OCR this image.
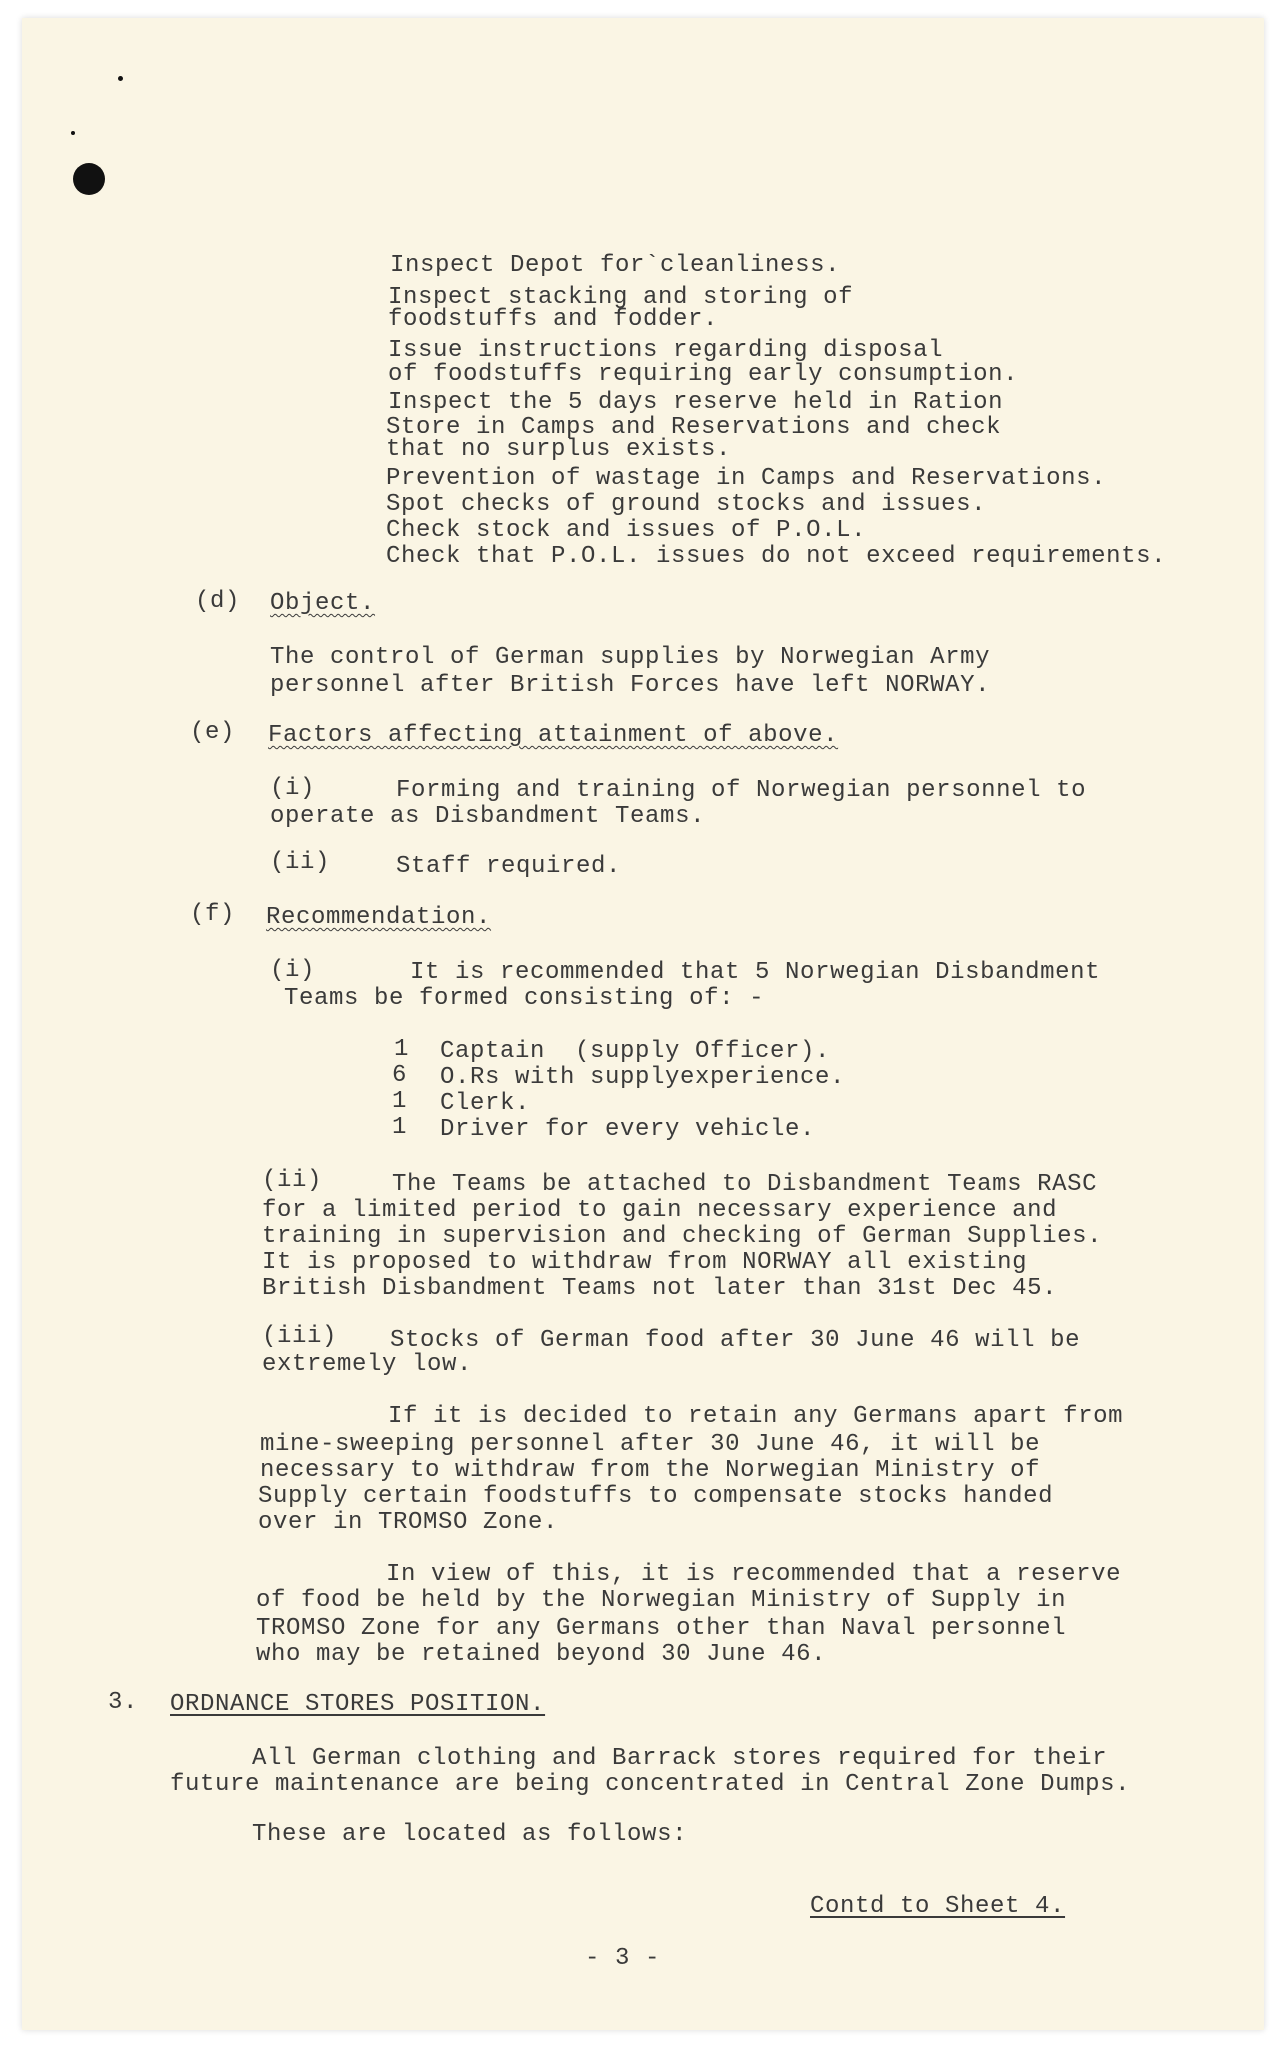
Inspect Depot for`cleanliness.
Inspect stacking and storing of
foodstuffs and fodder.
Issue instructions regarding disposal
of foodstuffs requiring early consumption.
Inspect the 5 days reserve held in Ration
Store in Camps and Reservations and check
that no surplus exists.
Prevention of wastage in Camps and Reservations.
Spot checks of ground stocks and issues.
Check stock and issues of P.O.L.
Check that P.O.L. issues do not exceed requirements.
(d) Object.
The control of German supplies by Norwegian Army
personnel after British Forces have left NORWAY.
(e) Factors affecting attainment of above.
(i)	Forming and training of Norwegian personnel to
operate as Disbandment Teams.
(ii)	Staff required.
(f) Recommendation.
(i)	It is recommended that 5 Norwegian Disbandment
Teams be formed consisting of: -
1 Captain  (supply Officer).
6 O.Rs with supplyexperience.
1 Clerk.
1 Driver for every vehicle.
(ii)	The Teams be attached to Disbandment Teams RASC
for a limited period to gain necessary experience and
training in supervision and checking of German Supplies.
It is proposed to withdraw from NORWAY all existing
British Disbandment Teams not later than 31st Dec 45.
(iii) Stocks of German food after 30 June 46 will be
extremely low.
If it is decided to retain any Germans apart from
mine-sweeping personnel after 30 June 46, it will be
necessary to withdraw from the Norwegian Ministry of
Supply certain foodstuffs to compensate stocks handed
over in TROMSO Zone.
In view of this, it is recommended that a reserve
of food be held by the Norwegian Ministry of Supply in
TROMSO Zone for any Germans other than Naval personnel
who may be retained beyond 30 June 46.
3. ORDNANCE STORES POSITION.
All German clothing and Barrack stores required for their
future maintenance are being concentrated in Central Zone Dumps.
These are located as follows:
Contd to Sheet 4.
- 3 -
